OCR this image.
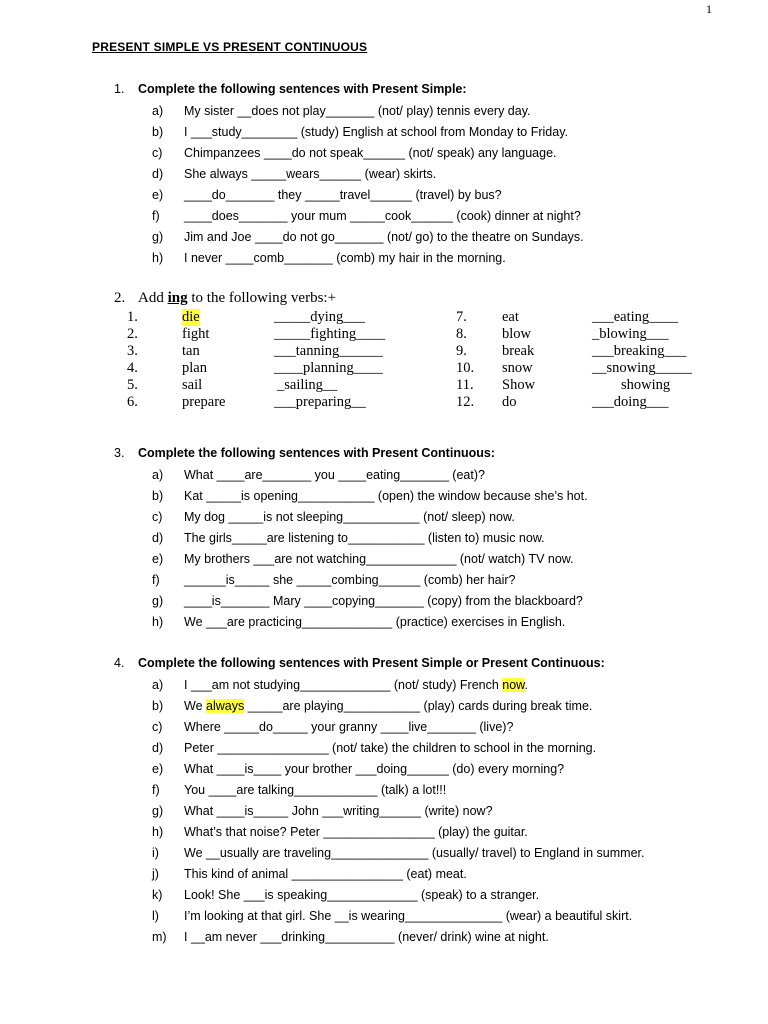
1
PRESENT SIMPLE VS PRESENT CONTINUOUS
1. Complete the following sentences with Present Simple:
a) My sister __does not play_______ (not/ play) tennis every day.
b) I ___study________ (study) English at school from Monday to Friday.
c) Chimpanzees ____do not speak______ (not/ speak) any language.
d) She always _____wears______ (wear) skirts.
e) ____do_______ they _____travel______ (travel) by bus?
f) ____does_______ your mum _____cook______ (cook) dinner at night?
g) Jim and Joe ____do not go_______ (not/ go) to the theatre on Sundays.
h) I never ____comb_______ (comb) my hair in the morning.
2. Add ing to the following verbs:+
1.	die	_____dying___	7. eat	___eating____
2.	fight	_____fighting____	8. blow	_blowing___
3.	tan	___tanning______	9. break	___breaking___
4.	plan	____planning____	10. snow	__snowing_____
5.	sail	_sailing__	11. Show	showing
6.	prepare	___preparing__	12. do	___doing___
3. Complete the following sentences with Present Continuous:
a) What ____are_______ you ____eating_______ (eat)?
b) Kat _____is opening___________ (open) the window because she’s hot.
c) My dog _____is not sleeping___________ (not/ sleep) now.
d) The girls_____are listening to___________ (listen to) music now.
e) My brothers ___are not watching_____________ (not/ watch) TV now.
f) ______is_____ she _____combing______ (comb) her hair?
g) ____is_______ Mary ____copying_______ (copy) from the blackboard?
h) We ___are practicing_____________ (practice) exercises in English.
4. Complete the following sentences with Present Simple or Present Continuous:
a) I ___am not studying_____________ (not/ study) French now.
b) We always _____are playing___________ (play) cards during break time.
c) Where _____do_____ your granny ____live_______ (live)?
d) Peter ________________ (not/ take) the children to school in the morning.
e) What ____is____ your brother ___doing______ (do) every morning?
f) You ____are talking____________ (talk) a lot!!!
g) What ____is_____ John ___writing______ (write) now?
h) What’s that noise? Peter ________________ (play) the guitar.
i) We __usually are traveling______________ (usually/ travel) to England in summer.
j) This kind of animal ________________ (eat) meat.
k) Look! She ___is speaking_____________ (speak) to a stranger.
l) I’m looking at that girl. She __is wearing______________ (wear) a beautiful skirt.
m) I __am never ___drinking__________ (never/ drink) wine at night.
